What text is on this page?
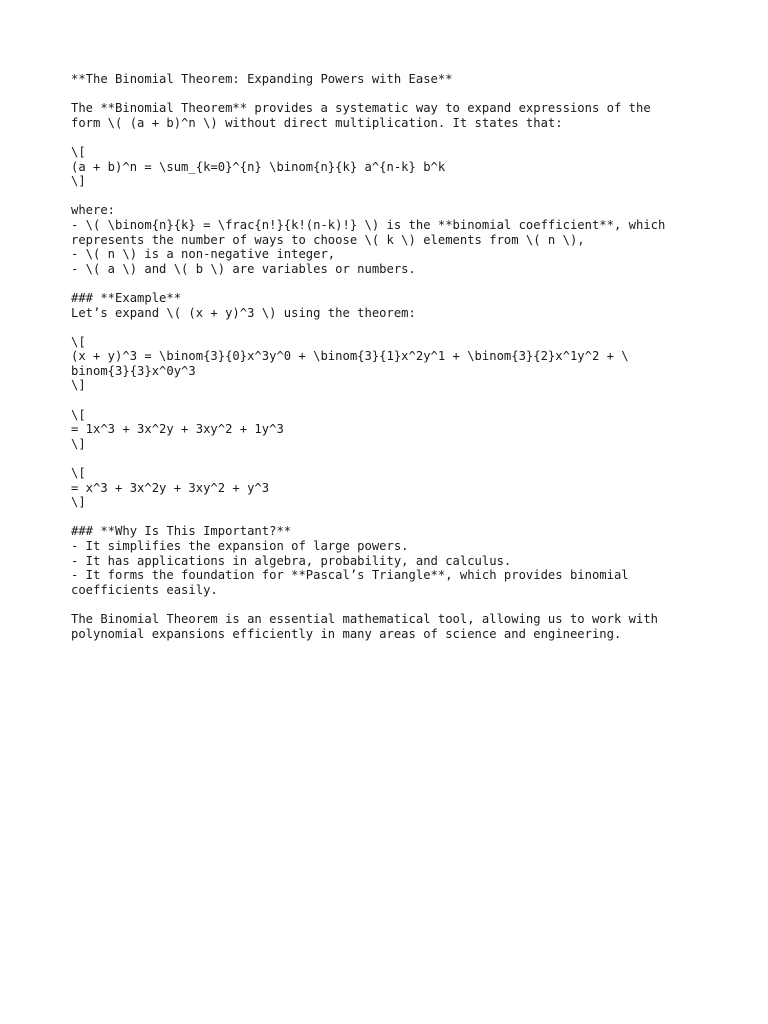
**The Binomial Theorem: Expanding Powers with Ease**
The **Binomial Theorem** provides a systematic way to expand expressions of the
form \( (a + b)^n \) without direct multiplication. It states that:
\[
(a + b)^n = \sum_{k=0}^{n} \binom{n}{k} a^{n-k} b^k
\]
where:
- \( \binom{n}{k} = \frac{n!}{k!(n-k)!} \) is the **binomial coefficient**, which
represents the number of ways to choose \( k \) elements from \( n \),
- \( n \) is a non-negative integer,
- \( a \) and \( b \) are variables or numbers.
### **Example**
Let’s expand \( (x + y)^3 \) using the theorem:
\[
(x + y)^3 = \binom{3}{0}x^3y^0 + \binom{3}{1}x^2y^1 + \binom{3}{2}x^1y^2 + \
binom{3}{3}x^0y^3
\]
\[
= 1x^3 + 3x^2y + 3xy^2 + 1y^3
\]
\[
= x^3 + 3x^2y + 3xy^2 + y^3
\]
### **Why Is This Important?**
- It simplifies the expansion of large powers.
- It has applications in algebra, probability, and calculus.
- It forms the foundation for **Pascal’s Triangle**, which provides binomial
coefficients easily.
The Binomial Theorem is an essential mathematical tool, allowing us to work with
polynomial expansions efficiently in many areas of science and engineering.
